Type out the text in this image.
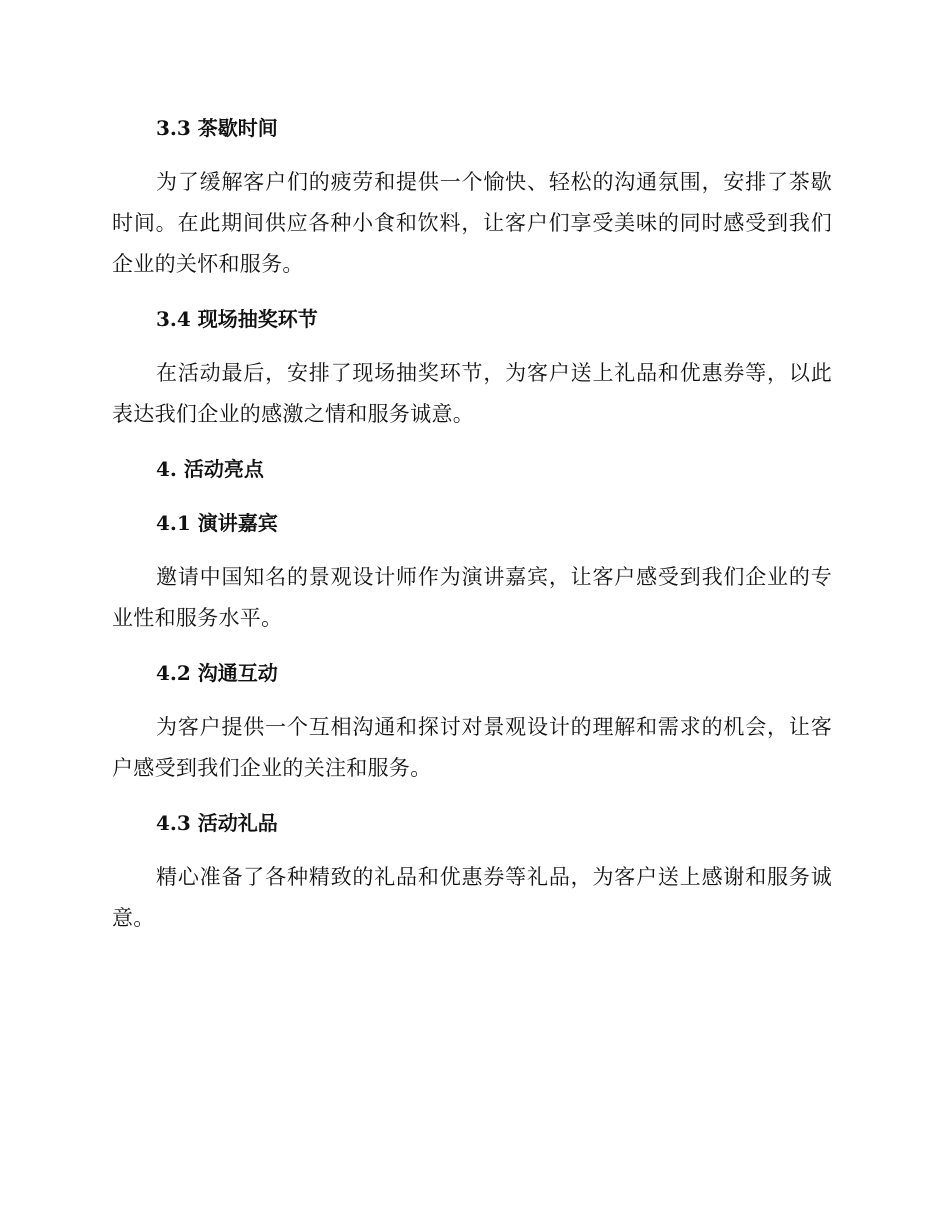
3.3 茶歇时间

为了缓解客户们的疲劳和提供一个愉快、轻松的沟通氛围，安排了茶歇时间。在此期间供应各种小食和饮料，让客户们享受美味的同时感受到我们企业的关怀和服务。

3.4 现场抽奖环节

在活动最后，安排了现场抽奖环节，为客户送上礼品和优惠券等，以此表达我们企业的感激之情和服务诚意。

4. 活动亮点
4.1 演讲嘉宾

邀请中国知名的景观设计师作为演讲嘉宾，让客户感受到我们企业的专业性和服务水平。

4.2 沟通互动

为客户提供一个互相沟通和探讨对景观设计的理解和需求的机会，让客户感受到我们企业的关注和服务。

4.3 活动礼品

精心准备了各种精致的礼品和优惠券等礼品，为客户送上感谢和服务诚意。
